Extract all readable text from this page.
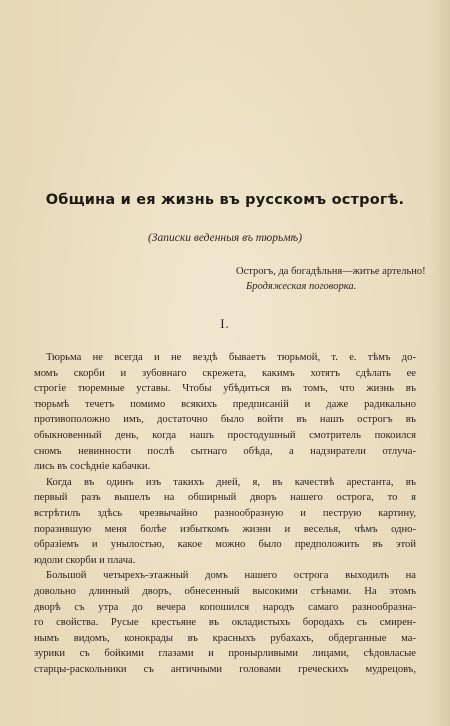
Община и ея жизнь въ русскомъ острогѣ.
(Записки веденныя въ тюрьмѣ)
Острогъ, да богадѣльня—житье артельно!
Бродяжеская поговорка.
I.

Тюрьма не всегда и не вездѣ бываетъ тюрьмой, т. е. тѣмъ до-

момъ скорби и зубовнаго скрежета, какимъ хотятъ сдѣлать ее

строгіе тюремные уставы. Чтобы убѣдиться въ томъ, что жизнь въ

тюрьмѣ течетъ помимо всякихъ предписаній и даже радикально

противоположно имъ, достаточно было войти въ нашъ острогъ въ

обыкновенный день, когда нашъ простодушный смотритель покоился

сномъ невинности послѣ сытнаго обѣда, а надзиратели отлуча-

лись въ сосѣдніе кабачки.

Когда въ одинъ изъ такихъ дней, я, въ качествѣ арестанта, въ

первый разъ вышелъ на обширный дворъ нашего острога, то я

встрѣтилъ здѣсь чрезвычайно разнообразную и пеструю картину,

поразившую меня болѣе избыткомъ жизни и веселья, чѣмъ одно-

образіемъ и унылостью, какое можно было предположить въ этой

юдоли скорби и плача.

Большой четырехъ-этажный домъ нашего острога выходилъ на

довольно длинный дворъ, обнесенный высокими стѣнами. На этомъ

дворѣ съ утра до вечера копошился народъ самаго разнообразна-

го свойства. Русые крестьяне въ окладистыхъ бородахъ съ смирен-

нымъ видомъ, конокрады въ красныхъ рубахахъ, обдерганные ма-

зурики съ бойкими глазами и пронырливыми лицами, сѣдовласые

старцы-раскольники съ античными головами греческихъ мудрецовъ,
